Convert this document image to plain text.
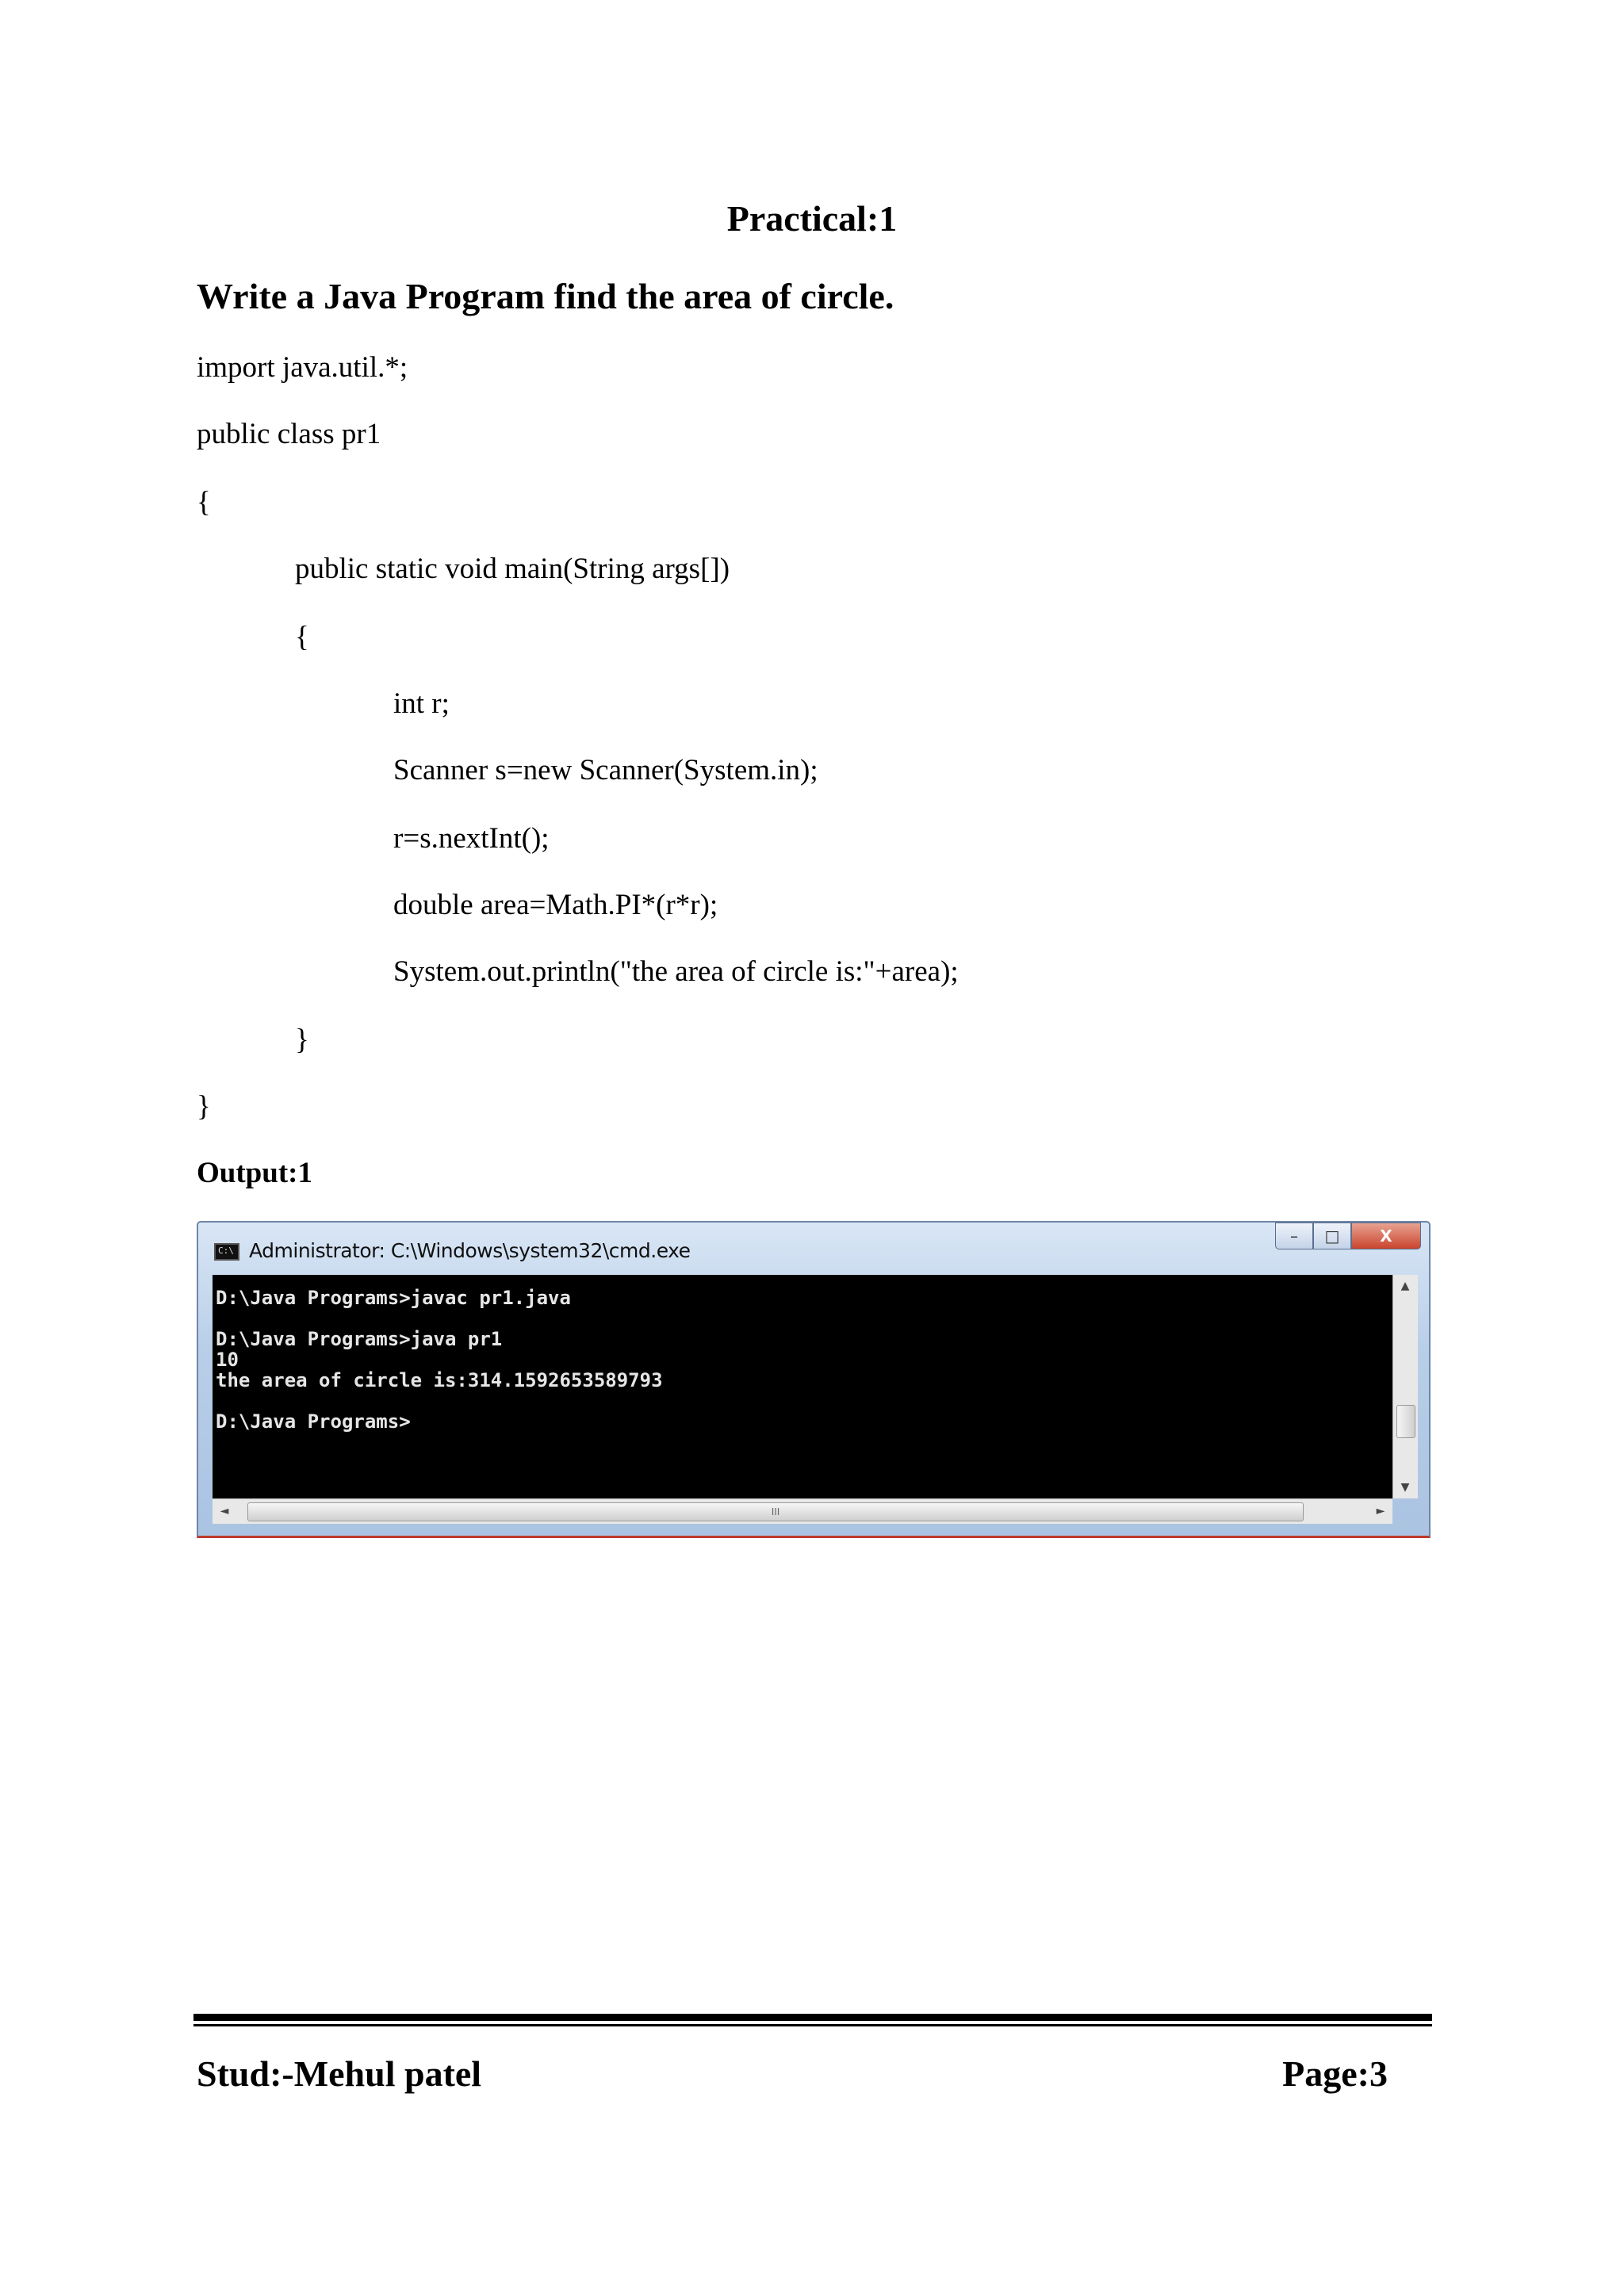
Practical:1
Write a Java Program find the area of circle.
import java.util.*;
public class pr1
{
public static void main(String args[])
{
int r;
Scanner s=new Scanner(System.in);
r=s.nextInt();
double area=Math.PI*(r*r);
System.out.println("the area of circle is:"+area);
}
}
Output:1
C:\
Administrator: C:\Windows\system32\cmd.exe
–	□	X
D:\Java Programs>javac pr1.java
D:\Java Programs>java pr1
10
the area of circle is:314.1592653589793
D:\Java Programs>
▲
▼
◄	III	►
Stud:-Mehul patel	Page:3
